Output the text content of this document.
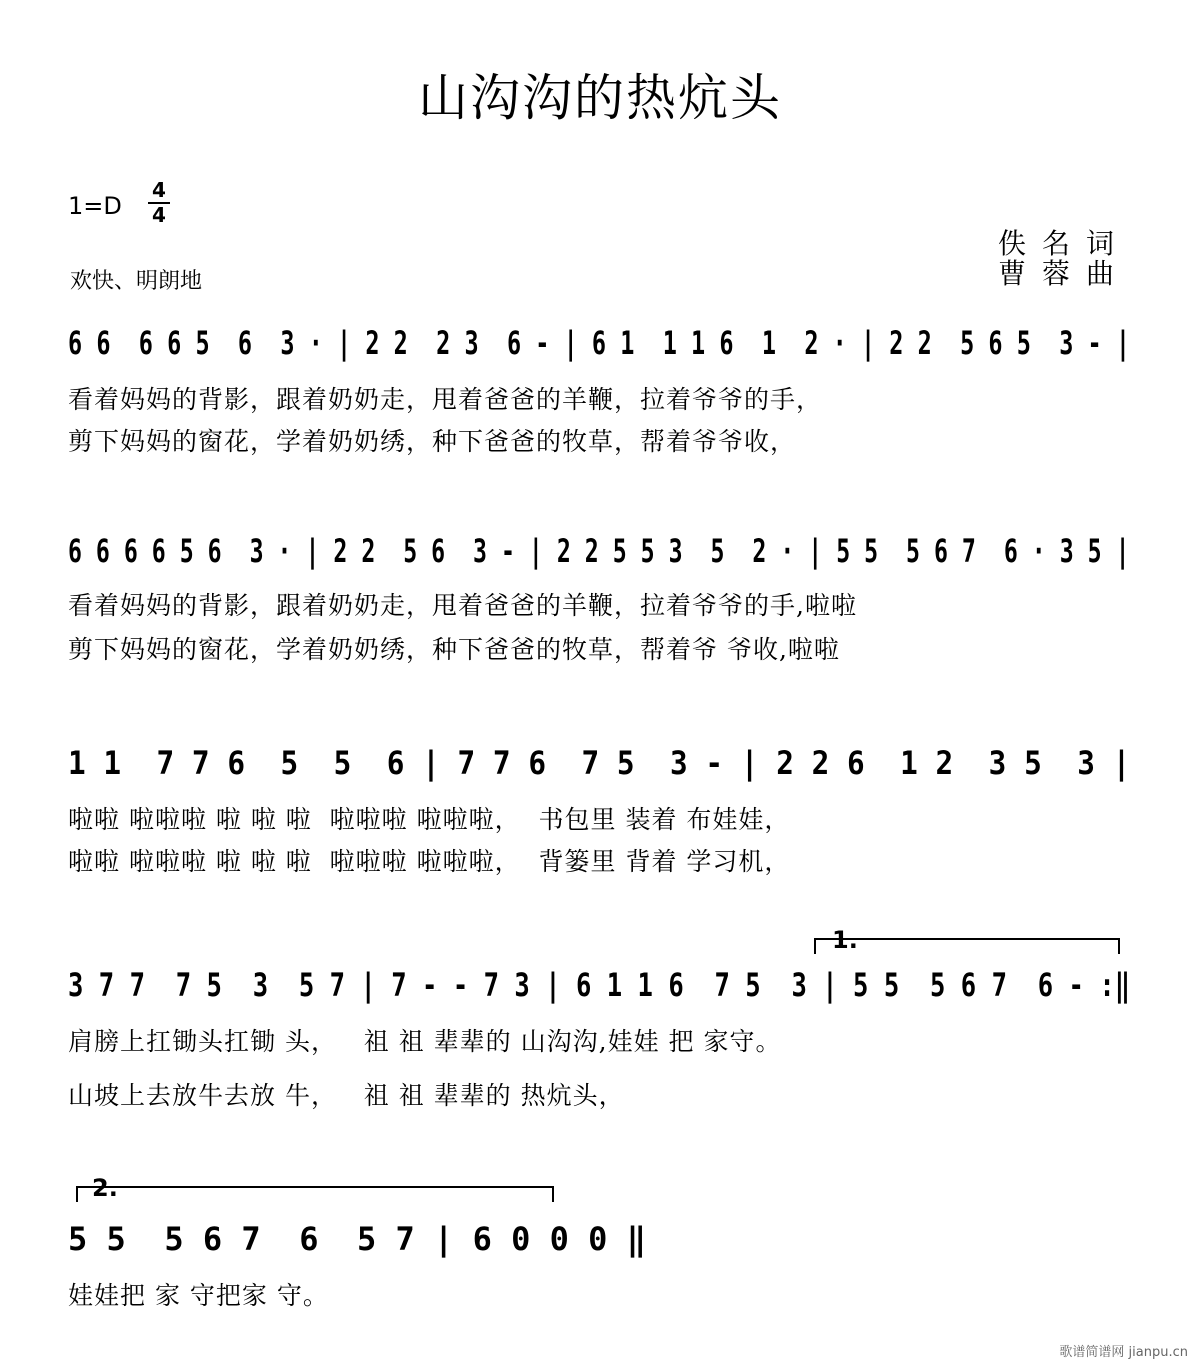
山沟沟的热炕头
1=D
4
4
欢快、明朗地
佚名词
曹蓉曲
6 6  6 6 5  6  3 · | 2 2  2 3  6 - | 6 1  1 1 6  1  2 · | 2 2  5 6 5  3 - |
看着妈妈的背影，跟着奶奶走，甩着爸爸的羊鞭，拉着爷爷的手，
剪下妈妈的窗花，学着奶奶绣，种下爸爸的牧草，帮着爷爷收，
6 6 6 6 5 6  3 · | 2 2  5 6  3 - | 2 2 5 5 3  5  2 · | 5 5  5 6 7  6 · 3 5 |
看着妈妈的背影，跟着奶奶走，甩着爸爸的羊鞭，拉着爷爷的手,啦啦
剪下妈妈的窗花，学着奶奶绣，种下爸爸的牧草，帮着爷 爷收,啦啦
1 1  7 7 6  5  5  6 | 7 7 6  7 5  3 - | 2 2 6  1 2  3 5  3 |
啦啦 啦啦啦 啦 啦 啦  啦啦啦 啦啦啦，  书包里 装着 布娃娃，
啦啦 啦啦啦 啦 啦 啦  啦啦啦 啦啦啦，  背篓里 背着 学习机，
1.
3 7 7  7 5  3  5 7 | 7 - - 7 3 | 6 1 1 6  7 5  3 | 5 5  5 6 7  6 - :‖
肩膀上扛锄头扛锄 头，   祖 祖 辈辈的 山沟沟,娃娃 把 家守。
山坡上去放牛去放 牛，   祖 祖 辈辈的 热炕头，
2.
5 5  5 6 7  6  5 7 | 6 0 0 0 ‖
娃娃把 家 守把家 守。
歌谱简谱网 jianpu.cn
